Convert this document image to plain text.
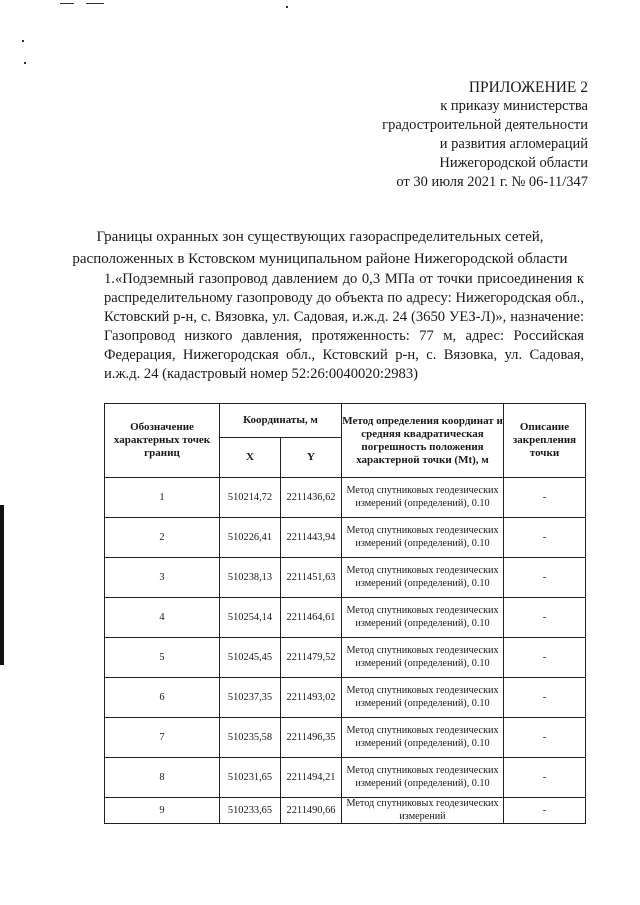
ПРИЛОЖЕНИЕ 2
к приказу министерства
градостроительной деятельности
и развития агломераций
Нижегородской области
от 30 июля 2021 г. № 06-11/347
Границы охранных зон существующих газораспределительных сетей,
расположенных в Кстовском муниципальном районе Нижегородской области
1.«Подземный газопровод давлением до 0,3 МПа от точки присоединения к распределительному газопроводу до объекта по адресу: Нижегородская обл., Кстовский р-н, с. Вязовка, ул. Садовая, и.ж.д. 24 (3650 УЕЗ-Л)», назначение: Газопровод низкого давления, протяженность: 77 м, адрес: Российская Федерация, Нижегородская обл., Кстовский р-н, с. Вязовка, ул. Садовая, и.ж.д. 24 (кадастровый номер 52:26:0040020:2983)
Обозначение характерных точек границ	Координаты, м		Метод определения координат и средняя квадратическая погрешность положения характерной точки (Mt), м	Описание закрепления точки
	X	Y		
1	510214,72	2211436,62	Метод спутниковых геодезических измерений (определений), 0.10	-
2	510226,41	2211443,94	Метод спутниковых геодезических измерений (определений), 0.10	-
3	510238,13	2211451,63	Метод спутниковых геодезических измерений (определений), 0.10	-
4	510254,14	2211464,61	Метод спутниковых геодезических измерений (определений), 0.10	-
5	510245,45	2211479,52	Метод спутниковых геодезических измерений (определений), 0.10	-
6	510237,35	2211493,02	Метод спутниковых геодезических измерений (определений), 0.10	-
7	510235,58	2211496,35	Метод спутниковых геодезических измерений (определений), 0.10	-
8	510231,65	2211494,21	Метод спутниковых геодезических измерений (определений), 0.10	-
9	510233,65	2211490,66	Метод спутниковых геодезических измерений	-
